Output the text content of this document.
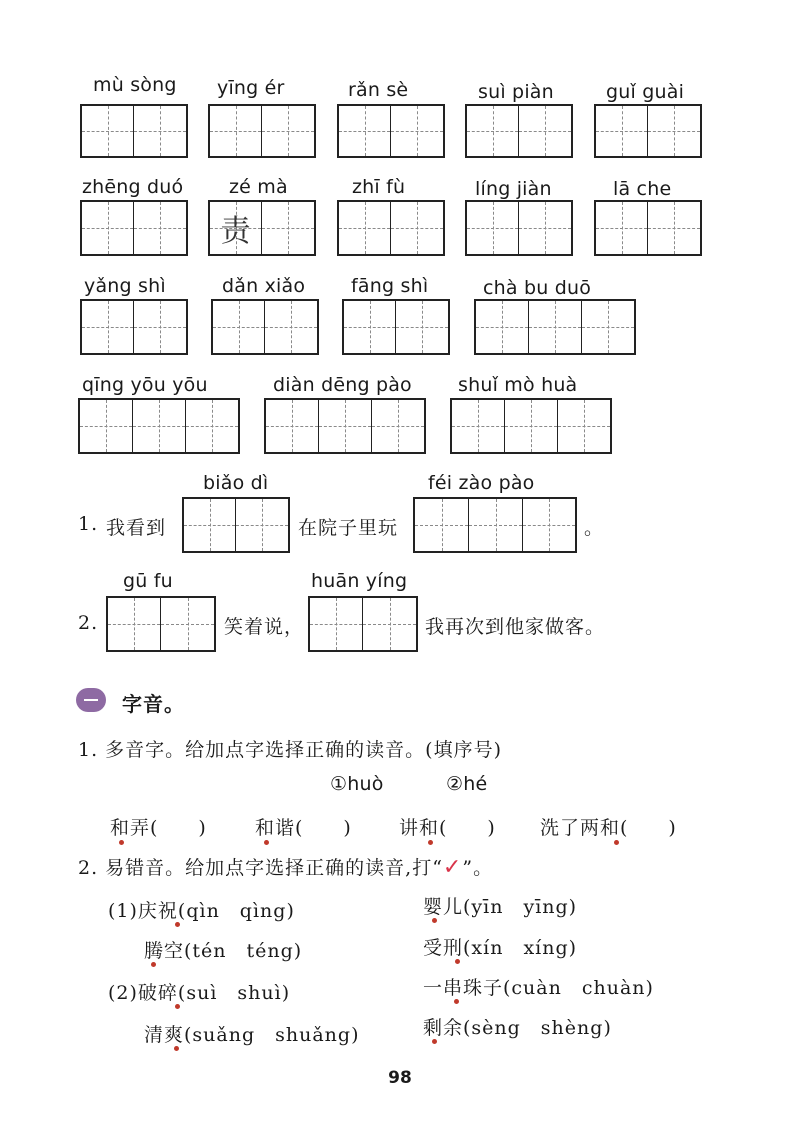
mù sòng yīng ér	rǎn sè	suì piàn	guǐ guài
zhēng duó zé mà
责
zhī fù	líng jiàn	lā che
yǎng shì	dǎn xiǎo fāng shì	chà bu duō
qīng yōu yōu	diàn dēng pào shuǐ mò huà
biǎo dì	féi zào pào
1. 我看到	在院子里玩	。
gū fu	huān yíng
2.	笑着说，	我再次到他家做客。
字音。
1. 多音字。给加点字选择正确的读音。(填序号)
①huò	②hé
和弄(　　)	和谐(　　) 讲和(　　) 洗了两和(　　)
2. 易错音。给加点字选择正确的读音,打“✓”。
(1)庆祝(qìn　qìng)
腾空(tén　téng)
(2)破碎(suì　shuì)
清爽(suǎng　shuǎng)
婴儿(yīn　yīng)
受刑(xín　xíng)
一串珠子(cuàn　chuàn)
剩余(sèng　shèng)
98
